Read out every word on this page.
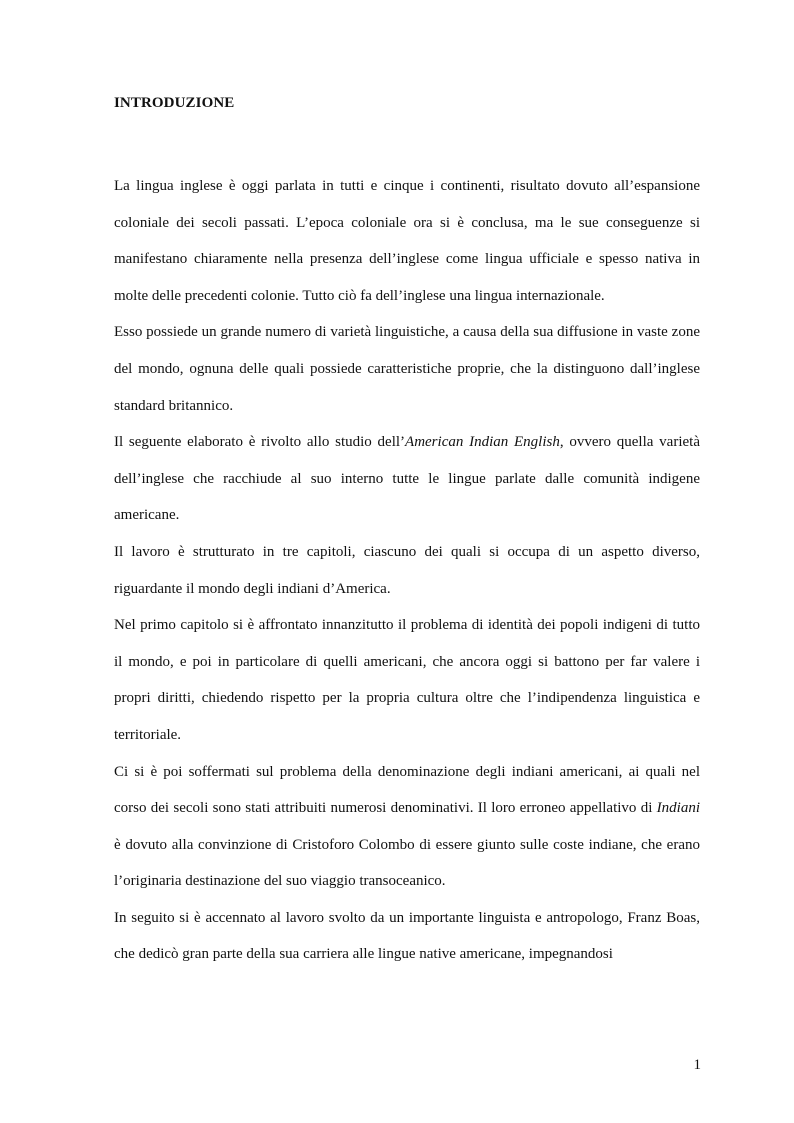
INTRODUZIONE

La lingua inglese è oggi parlata in tutti e cinque i continenti, risultato dovuto all’espansione coloniale dei secoli passati. L’epoca coloniale ora si è conclusa, ma le sue conseguenze si manifestano chiaramente nella presenza dell’inglese come lingua ufficiale e spesso nativa in molte delle precedenti colonie. Tutto ciò fa dell’inglese una lingua internazionale.

Esso possiede un grande numero di varietà linguistiche, a causa della sua diffusione in vaste zone del mondo, ognuna delle quali possiede caratteristiche proprie, che la distinguono dall’inglese standard britannico.

Il seguente elaborato è rivolto allo studio dell’American Indian English, ovvero quella varietà dell’inglese che racchiude al suo interno tutte le lingue parlate dalle comunità indigene americane.

Il lavoro è strutturato in tre capitoli, ciascuno dei quali si occupa di un aspetto diverso, riguardante il mondo degli indiani d’America.

Nel primo capitolo si è affrontato innanzitutto il problema di identità dei popoli indigeni di tutto il mondo, e poi in particolare di quelli americani, che ancora oggi si battono per far valere i propri diritti, chiedendo rispetto per la propria cultura oltre che l’indipendenza linguistica e territoriale.

Ci si è poi soffermati sul problema della denominazione degli indiani americani, ai quali nel corso dei secoli sono stati attribuiti numerosi denominativi. Il loro erroneo appellativo di Indiani è dovuto alla convinzione di Cristoforo Colombo di essere giunto sulle coste indiane, che erano l’originaria destinazione del suo viaggio transoceanico.

In seguito si è accennato al lavoro svolto da un importante linguista e antropologo, Franz Boas, che dedicò gran parte della sua carriera alle lingue native americane, impegnandosi

1
